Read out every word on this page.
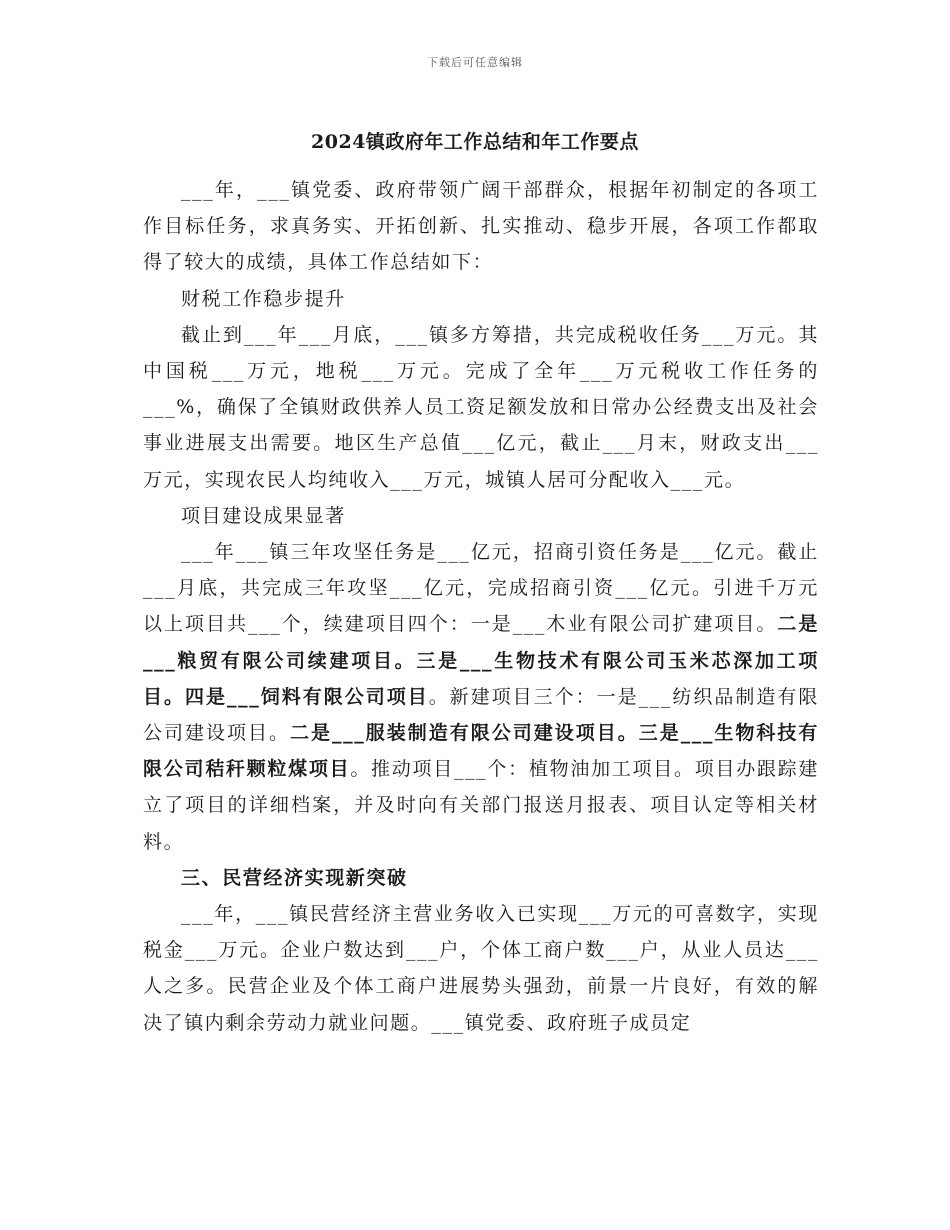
下载后可任意编辑
2024镇政府年工作总结和年工作要点

___年，___镇党委、政府带领广阔干部群众，根据年初制定的各项工作目标任务，求真务实、开拓创新、扎实推动、稳步开展，各项工作都取得了较大的成绩，具体工作总结如下：

财税工作稳步提升

截止到___年___月底，___镇多方筹措，共完成税收任务___万元。其中国税___万元，地税___万元。完成了全年___万元税收工作任务的___%，确保了全镇财政供养人员工资足额发放和日常办公经费支出及社会事业进展支出需要。地区生产总值___亿元，截止___月末，财政支出___万元，实现农民人均纯收入___万元，城镇人居可分配收入___元。

项目建设成果显著

___年___镇三年攻坚任务是___亿元，招商引资任务是___亿元。截止___月底，共完成三年攻坚___亿元，完成招商引资___亿元。引进千万元以上项目共___个，续建项目四个：一是___木业有限公司扩建项目。二是___粮贸有限公司续建项目。三是___生物技术有限公司玉米芯深加工项目。四是___饲料有限公司项目。新建项目三个：一是___纺织品制造有限公司建设项目。二是___服装制造有限公司建设项目。三是___生物科技有限公司秸秆颗粒煤项目。推动项目___个：植物油加工项目。项目办跟踪建立了项目的详细档案，并及时向有关部门报送月报表、项目认定等相关材料。

三、民营经济实现新突破

___年，___镇民营经济主营业务收入已实现___万元的可喜数字，实现税金___万元。企业户数达到___户，个体工商户数___户，从业人员达___人之多。民营企业及个体工商户进展势头强劲，前景一片良好，有效的解决了镇内剩余劳动力就业问题。___镇党委、政府班子成员定
